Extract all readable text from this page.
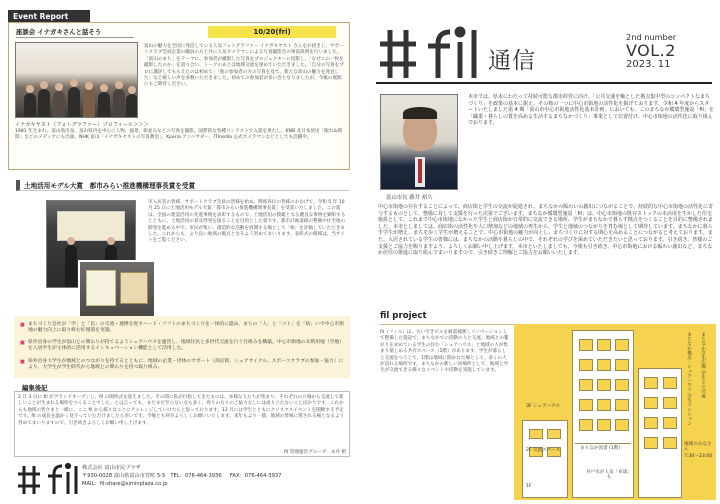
Event Report
座談会 イナガキさんと話そう	10/20(fri)
富山の魅力を全国に発信している人気フォトグラファー イナガキヤスト さんをお招きし、サポートクラブ会員企業の職員の方と共に人気カメラマンによる写真撮影会の事前説明を行いました。「富山のまち」をテーマに、参加者が撮影した写真をプロジェクターに投影し、「なぜこの一枚を撮影したのか」を語り合い、トークのあとは地域交流を深めていただきました。「自分の写真をプロに講評してもらえたのは初めて」「他の参加者の方の写真を見て、新たな富山の魅力を発見した」など嬉しい声を多数いただきました。初めての参加者が多い会となりましたが、今後の展開にもご期待ください。
イナガキヤスト（フォトグラファー）プロフィール＞＞＞
1981 年生まれ。富山県出身。富山県内を中心に人物、風景、街並みなどの写真を撮影。国際的な各種コンテストで入賞を果たし、KNB 北日本放送「眠れぬ時間」などのメディアにも出演。NHK 富山「イナガキヤストの写真教室」、Xperia アンバサダー、ITmedia 公式カメラマンなどとしても活躍中。
土地活用モデル大賞　都市みらい推進機構理事長賞を受賞
市入居者の皆様、サポートクラブ会員の皆様を始め、関係各位の皆様のおかげで、令和 5 年 10 月 25 日に土地活用モデル大賞「都市みらい推進機構理事長賞」を受賞いたしました。この賞は、全国の建設活用の先進事例を表彰するもので、土地活用の模範となる優良な事例を顕彰するとともに、土地活用の普及啓発を図ることを目的とした賞です。都市計画道路の整備や住宅地の開発を進める中で、市民が集い、創造的な活動を展開する場として「fil」を評価していただきました。これからも、より良い地域の拠点となるよう努めてまいります。表彰式の模様は、当サイトをご覧ください。
■ まちづくり会社が「学」と「民」の交流・連携を促すハード・ソフトのまちづくりを一体的に進め、まちの「人」と「コト」を「紡」いで中心市街地の魅力向上に取り組む好循環を実施。
■ 県外出身の学生が富山との関わりが持てるようシェアハウスを運営し、地域住民と多世代交流を行う仕組みを構築。中心市街地の未利用地（空地）を入居学生が主体的に活用するインキュベーション機能として活用した。
■ 県外出身大学生が地域とのつながりを持てるとともに、地域の企業・団体のサポート（商店街、シェアサイクル、スポーツクラブの参加・協力）により、大学生が学生時代から地域との関わりを持つ取り組み。
編集後記
2 月 3 日に fil がグランドオープンし、fil の開所式を迎えました。その間に私が目指してきたものは、多様な人たちが集まり、それぞれの立場から交流して新しいことが生まれる場所をつくることでした。とは言っても、まだまだ至らない点も多く、周りの方々のご協力なしには成り立たないことばかりです。これからも地域の皆さまと一緒に、ここ fil から様々なことにチャレンジしていけたらと思っております。12 月には学生とともにクリスマスイベントを開催する予定です。fil の成長を温かく見守っていただけましたら幸いです。今後とも何卒よろしくお願いいたします。来年もより一層、地域の皆様に愛される場となるよう努めてまいりますので、引き続きよろしくお願い申し上げます。
fil 管理運営グループ　永井 梢
株式会社 富山市民プラザ
〒930-0028 富山県富山市宮町 5-5 TEL：076-464-3936 FAX：076-464-3937
MAIL：fil-share@siminplaza.co.jp
通信
2nd number
VOL.2
2023. 11
富山市長 藤井 裕久
本市では、県未にわたって持続可能な都市経営に向け、「公共交通を軸とした拠点集中型のコンパクトなまちづくり」を政策の基本に据え、その核の一つに中心市街地の活性化を掲げております。令和 4 年度からスタートいたしました第 4 期「富山市中心市街地活性化基本計画」においても、このまちなか循環型施設「fil」を「職業・暮らしの質を高める生活するまちなかづくり」事業として位置付け、中心市街地の活性化に取り組んでおります。
中心市街地の存在することによって、商店街と学生の交流が促進され、まちなかの賑わいの創出につながることで、持続的な中心市街地の活性化に寄与するものとして、整備に対して支援を行った次第でございます。まちなか循環型施設「fil」は、中心市街地の既存ストックの未活用を生かした住宅施設として、これまで中心市街地になかった学生と商店街が日常的に交流できる場所、学生がまちなかで暮らす拠点をつくることを目的に整備されました。本市としましては、商店街の活性化や人口増加などの地域の再生から、学生と地域のつながりを育む場として期待しています。まちなかに暮らす学生が増え、まちを歩く学生が増えることで、中心市街地の魅力が向上し、まちづくりに対する関心を高めることにつながると考えております。また、入居されている学生の皆様には、まちなかの活動や暮らしの中で、それぞれの学びを深めていただきたいと思っております。引き続き、皆様のご支援とご協力を賜りますよう、よろしくお願い申し上げます。本市といたしましても、今後も引き続き、中心市街地における賑わい創出など、まちなか居住の推進に取り組んでまいりますので、引き続きご理解とご協力をお願いいたします。
fil project
fil（フィル）は、古い空きビルを耐震補強しリノベーションして整備した施設で、まちなかでの活動の人と交流、地域との繋がりを求めている学生の住む「シェアハウス」と地域の人が集まり楽しめる共有スペース（1階）があります。学生が暮らしと交流をつうじて、1階は地域に開かれた場として、多くの人が訪れる場所です。まちなかの新しい居場所として、地域と学生が交流できる様々なイベントや活動を実施しています。
3F シェアハウス
2F 交流スペース
1F
まちなか図書 (1階)
井戸水が人気「卓球」も
まちなか拠点・シェアハウス 学生マンション まちなか芝生広場 学生との交流
地域のみなさん
7:30〜23:00
